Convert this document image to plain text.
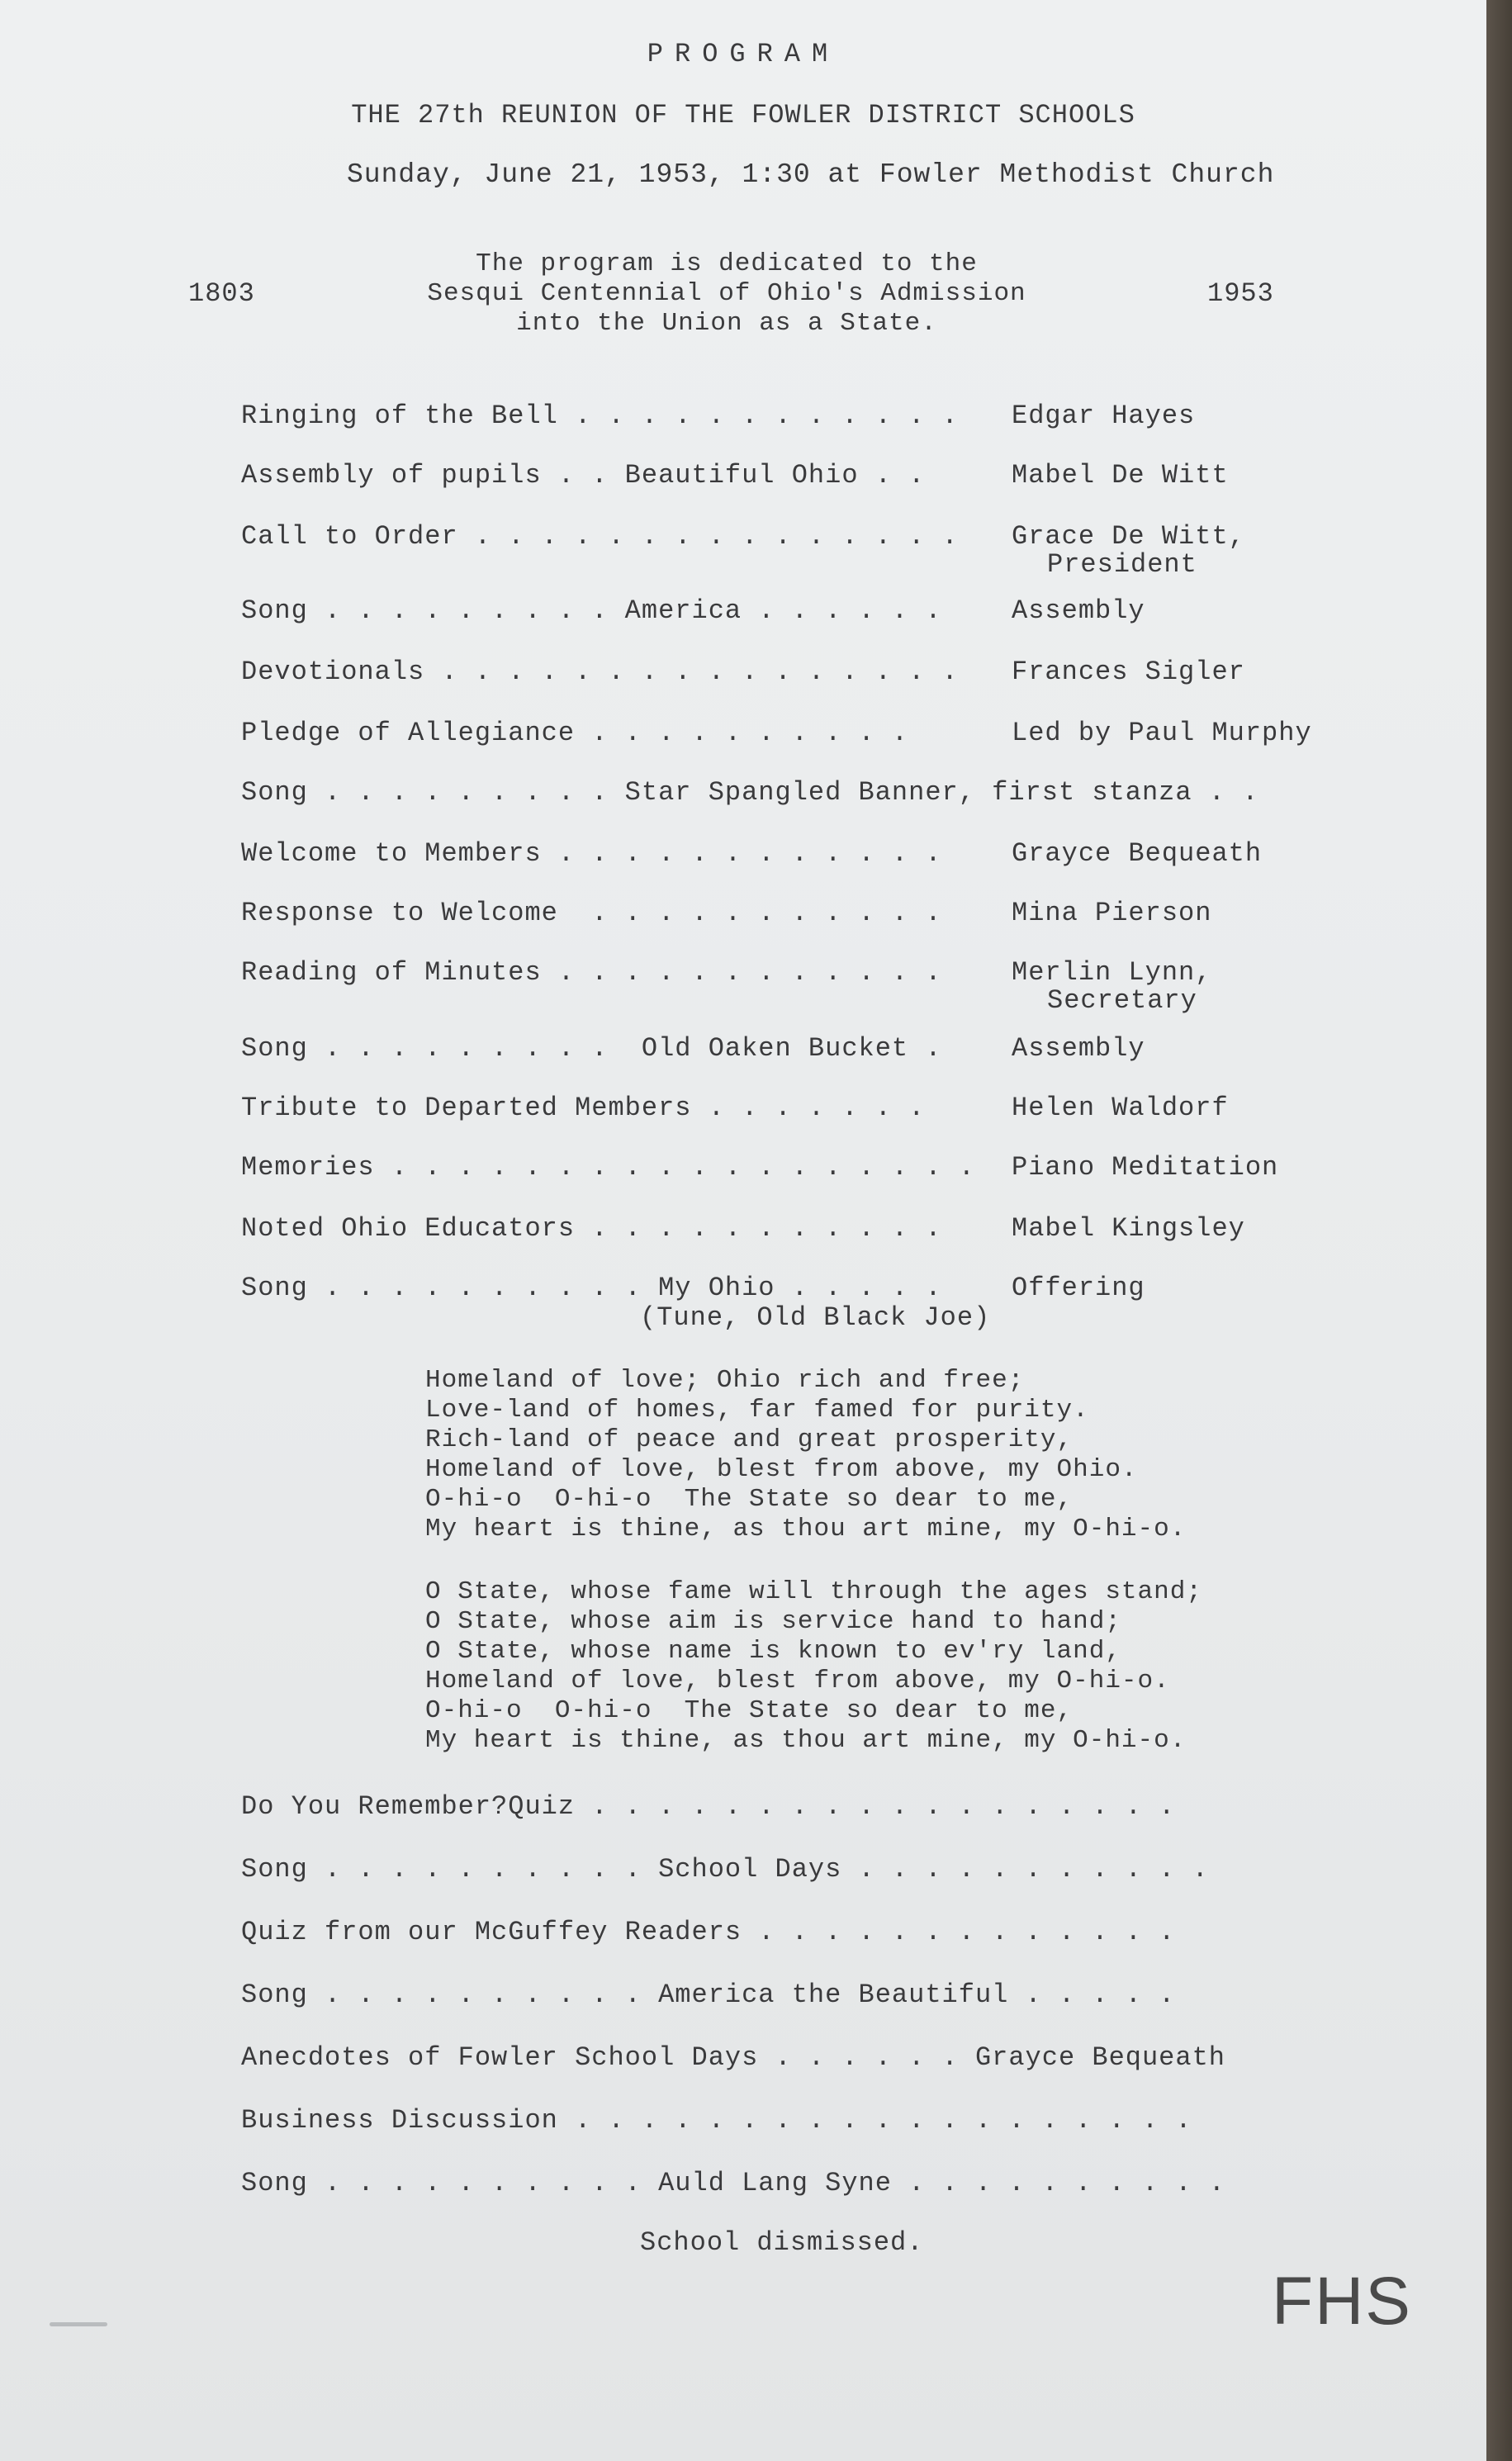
PROGRAM
THE 27th REUNION OF THE FOWLER DISTRICT SCHOOLS
Sunday, June 21, 1953, 1:30 at Fowler Methodist Church
1803	1953
The program is dedicated to the
Sesqui Centennial of Ohio's Admission
into the Union as a State.
Ringing of the Bell . . . . . . . . . . . . Edgar Hayes
Assembly of pupils . . Beautiful Ohio . .	Mabel De Witt
Call to Order . . . . . . . . . . . . . . . Grace De Witt,
President
Song . . . . . . . . . America . . . . . .	Assembly
Devotionals . . . . . . . . . . . . . . . . Frances Sigler
Pledge of Allegiance . . . . . . . . . .	Led by Paul Murphy
Song . . . . . . . . . Star Spangled Banner, first stanza . .
Welcome to Members . . . . . . . . . . . .	Grayce Bequeath
Response to Welcome  . . . . . . . . . . .	Mina Pierson
Reading of Minutes . . . . . . . . . . . .	Merlin Lynn,
Secretary
Song . . . . . . . . .  Old Oaken Bucket .	Assembly
Tribute to Departed Members . . . . . . .	Helen Waldorf
Memories . . . . . . . . . . . . . . . . . . Piano Meditation
Noted Ohio Educators . . . . . . . . . . .	Mabel Kingsley
Song . . . . . . . . . . My Ohio . . . . .	Offering
(Tune, Old Black Joe)
Homeland of love; Ohio rich and free;
Love-land of homes, far famed for purity.
Rich-land of peace and great prosperity,
Homeland of love, blest from above, my Ohio.
O-hi-o  O-hi-o  The State so dear to me,
My heart is thine, as thou art mine, my O-hi-o.
O State, whose fame will through the ages stand;
O State, whose aim is service hand to hand;
O State, whose name is known to ev'ry land,
Homeland of love, blest from above, my O-hi-o.
O-hi-o  O-hi-o  The State so dear to me,
My heart is thine, as thou art mine, my O-hi-o.
Do You Remember?Quiz . . . . . . . . . . . . . . . . . .
Song . . . . . . . . . . School Days . . . . . . . . . . .
Quiz from our McGuffey Readers . . . . . . . . . . . . .
Song . . . . . . . . . . America the Beautiful . . . . .
Anecdotes of Fowler School Days . . . . . . Grayce Bequeath
Business Discussion . . . . . . . . . . . . . . . . . . .
Song . . . . . . . . . . Auld Lang Syne . . . . . . . . . .
School dismissed.
FHS
